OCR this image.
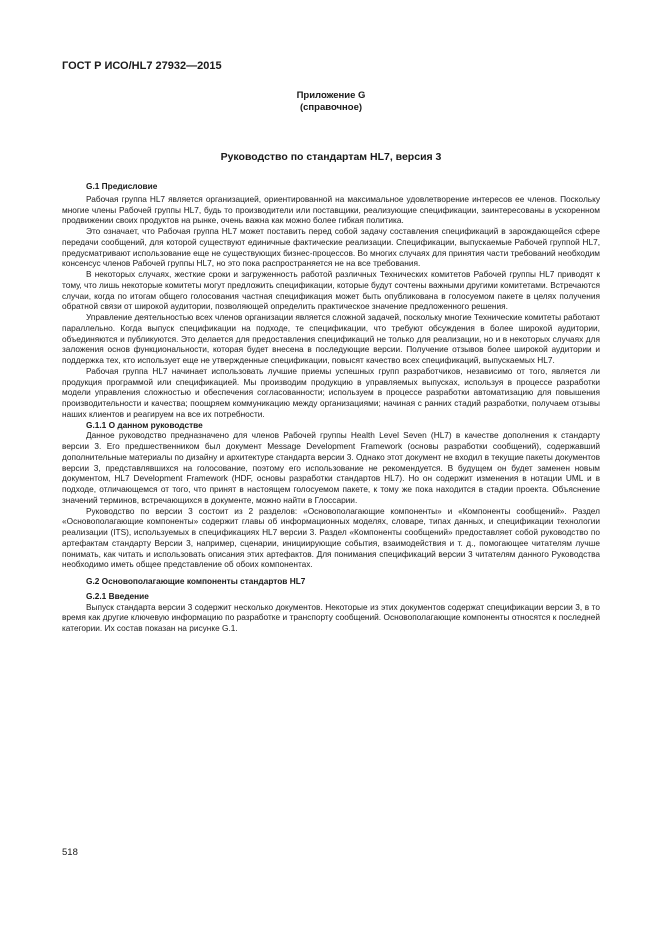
ГОСТ Р ИСО/HL7 27932—2015
Приложение G
(справочное)
Руководство по стандартам HL7, версия 3
G.1 Предисловие

Рабочая группа HL7 является организацией, ориентированной на максимальное удовлетворение интересов ее членов. Поскольку многие члены Рабочей группы HL7, будь то производители или поставщики, реализующие спецификации, заинтересованы в ускоренном продвижении своих продуктов на рынке, очень важна как можно более гибкая политика.

Это означает, что Рабочая группа HL7 может поставить перед собой задачу составления спецификаций в зарождающейся сфере передачи сообщений, для которой существуют единичные фактические реализации. Спецификации, выпускаемые Рабочей группой HL7, предусматривают использование еще не существующих бизнес-процессов. Во многих случаях для принятия части требований необходим консенсус членов Рабочей группы HL7, но это пока распространяется не на все требования.

В некоторых случаях, жесткие сроки и загруженность работой различных Технических комитетов Рабочей группы HL7 приводят к тому, что лишь некоторые комитеты могут предложить спецификации, которые будут сочтены важными другими комитетами. Встречаются случаи, когда по итогам общего голосования частная спецификация может быть опубликована в голосуемом пакете в целях получения обратной связи от широкой аудитории, позволяющей определить практическое значение предложенного решения.

Управление деятельностью всех членов организации является сложной задачей, поскольку многие Технические комитеты работают параллельно. Когда выпуск спецификации на подходе, те спецификации, что требуют обсуждения в более широкой аудитории, объединяются и публикуются. Это делается для предоставления спецификаций не только для реализации, но и в некоторых случаях для заложения основ функциональности, которая будет внесена в последующие версии. Получение отзывов более широкой аудитории и поддержка тех, кто использует еще не утвержденные спецификации, повысят качество всех спецификаций, выпускаемых HL7.

Рабочая группа HL7 начинает использовать лучшие приемы успешных групп разработчиков, независимо от того, является ли продукция программой или спецификацией. Мы производим продукцию в управляемых выпусках, используя в процессе разработки модели управления сложностью и обеспечения согласованности; используем в процессе разработки автоматизацию для повышения производительности и качества; поощряем коммуникацию между организациями; начиная с ранних стадий разработки, получаем отзывы наших клиентов и реагируем на все их потребности.

G.1.1 О данном руководстве

Данное руководство предназначено для членов Рабочей группы Health Level Seven (HL7) в качестве дополнения к стандарту версии 3. Его предшественником был документ Message Development Framework (основы разработки сообщений), содержавший дополнительные материалы по дизайну и архитектуре стандарта версии 3. Однако этот документ не входил в текущие пакеты документов версии 3, представлявшихся на голосование, поэтому его использование не рекомендуется. В будущем он будет заменен новым документом, HL7 Development Framework (HDF, основы разработки стандартов HL7). Но он содержит изменения в нотации UML и в подходе, отличающемся от того, что принят в настоящем голосуемом пакете, к тому же пока находится в стадии проекта. Объяснение значений терминов, встречающихся в документе, можно найти в Глоссарии.

Руководство по версии 3 состоит из 2 разделов: «Основополагающие компоненты» и «Компоненты сообщений». Раздел «Основополагающие компоненты» содержит главы об информационных моделях, словаре, типах данных, и спецификации технологии реализации (ITS), используемых в спецификациях HL7 версии 3. Раздел «Компоненты сообщений» предоставляет собой руководство по артефактам стандарту Версии 3, например, сценарии, инициирующие события, взаимодействия и т. д., помогающее читателям лучше понимать, как читать и использовать описания этих артефактов. Для понимания спецификаций версии 3 читателям данного Руководства необходимо иметь общее представление об обоих компонентах.

G.2 Основополагающие компоненты стандартов HL7
G.2.1 Введение

Выпуск стандарта версии 3 содержит несколько документов. Некоторые из этих документов содержат спецификации версии 3, в то время как другие ключевую информацию по разработке и транспорту сообщений. Основополагающие компоненты относятся к последней категории. Их состав показан на рисунке G.1.

518
